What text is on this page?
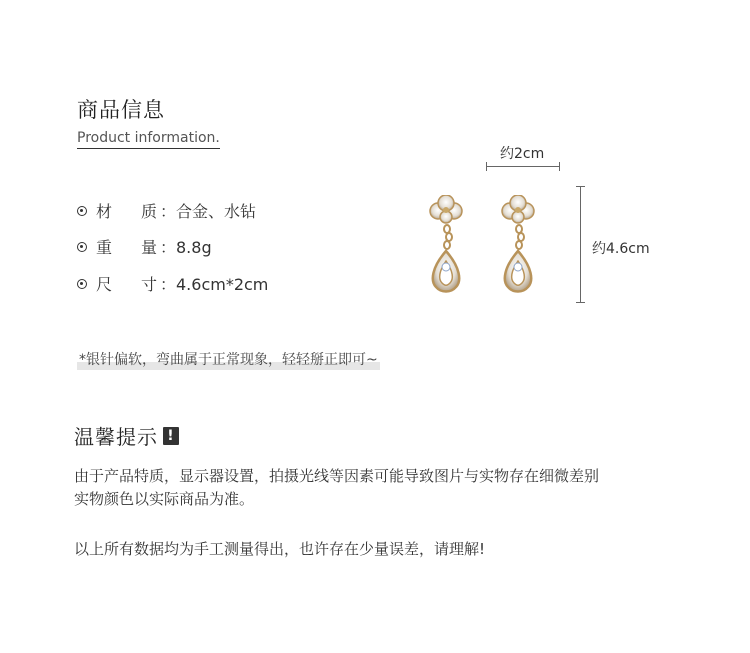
商品信息
Product information.
材	质 ：合金、水钻
重	量 ：8.8g
尺	寸 ：4.6cm*2cm
约2cm
约4.6cm
*银针偏软，弯曲属于正常现象，轻轻掰正即可~
温馨提示 !
由于产品特质，显示器设置，拍摄光线等因素可能导致图片与实物存在细微差别
实物颜色以实际商品为准。
以上所有数据均为手工测量得出，也许存在少量误差，请理解!
